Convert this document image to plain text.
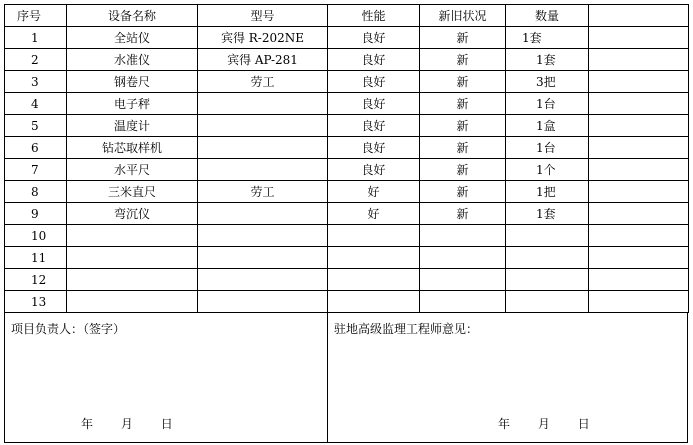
序号	设备名称	型号	性能	新旧状况	数量	
1	全站仪	宾得 R-202NE	良好	新	1套	
2	水准仪	宾得 AP-281	良好	新	1套	
3	钢卷尺	劳工	良好	新	3把	
4	电子秤		良好	新	1台	
5	温度计		良好	新	1盒	
6	钻芯取样机		良好	新	1台	
7	水平尺		良好	新	1个	
8	三米直尺	劳工	好	新	1把	
9	弯沉仪		好	新	1套	
10						
11						
12						
13						
项目负责人：（签字）
年 月 日
驻地高级监理工程师意见：
年 月 日
